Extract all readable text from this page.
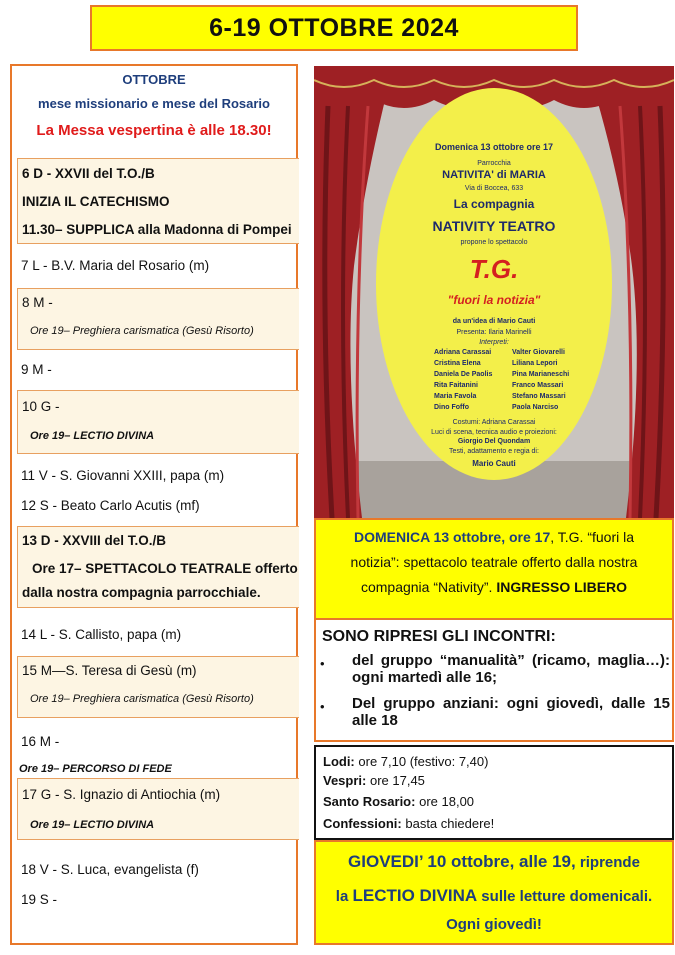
6-19 OTTOBRE 2024
OTTOBRE
mese missionario e mese del Rosario
La Messa vespertina è alle 18.30!
6 D - XXVII del T.O./B
INIZIA IL CATECHISMO
11.30– SUPPLICA alla Madonna di Pompei
7 L - B.V. Maria del Rosario (m)
8 M -
Ore 19– Preghiera carismatica (Gesù Risorto)
9 M -
10 G -
Ore 19– LECTIO DIVINA
11 V - S. Giovanni XXIII, papa (m)
12 S - Beato Carlo Acutis (mf)
13 D - XXVIII del T.O./B
Ore 17– SPETTACOLO TEATRALE offerto
dalla nostra compagnia parrocchiale.
14 L - S. Callisto, papa (m)
15 M—S. Teresa di Gesù (m)
Ore 19– Preghiera carismatica (Gesù Risorto)
16 M -
Ore 19– PERCORSO DI FEDE
17 G - S. Ignazio di Antiochia (m)
Ore 19– LECTIO DIVINA
18 V - S. Luca, evangelista (f)
19 S -
Domenica 13 ottobre ore 17
Parrocchia
NATIVITA' di MARIA
Via di Boccea, 633
La compagnia
NATIVITY TEATRO
propone lo spettacolo
T.G.
"fuori la notizia"
da un'idea di Mario Cauti
Presenta: Ilaria Marinelli
Interpreti:
Adriana Carassai	Valter Giovarelli
Cristina Elena	Liliana Lepori
Daniela De Paolis	Pina Marianeschi
Rita Faitanini	Franco Massari
Maria Favola	Stefano Massari
Dino Foffo	Paola Narciso
Costumi: Adriana Carassai
Luci di scena, tecnica audio e proiezioni:
Giorgio Del Quondam
Testi, adattamento e regia di:
Mario Cauti
DOMENICA 13 ottobre, ore 17, T.G. “fuori la
notizia”: spettacolo teatrale offerto dalla nostra
compagnia “Nativity”. INGRESSO LIBERO
SONO RIPRESI GLI INCONTRI:
• del gruppo “manualità” (ricamo, maglia…): ogni martedì alle 16;
• Del gruppo anziani: ogni giovedì, dalle 15 alle 18
Lodi: ore 7,10 (festivo: 7,40)
Vespri: ore 17,45
Santo Rosario: ore 18,00
Confessioni: basta chiedere!
GIOVEDI’ 10 ottobre, alle 19, riprende
la LECTIO DIVINA sulle letture domenicali.
Ogni giovedì!
